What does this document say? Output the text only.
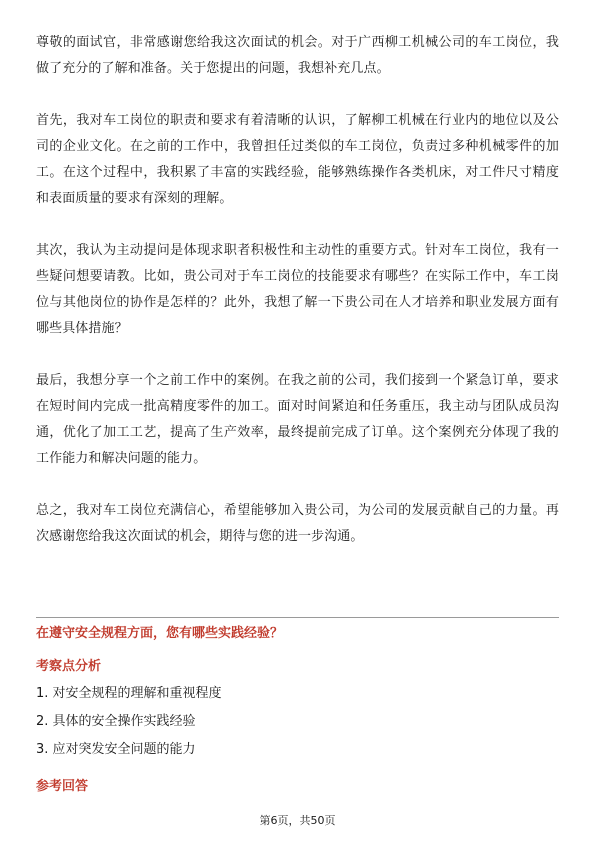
尊敬的面试官，非常感谢您给我这次面试的机会。对于广西柳工机械公司的车工岗位，我做了充分的了解和准备。关于您提出的问题，我想补充几点。

首先，我对车工岗位的职责和要求有着清晰的认识，了解柳工机械在行业内的地位以及公司的企业文化。在之前的工作中，我曾担任过类似的车工岗位，负责过多种机械零件的加工。在这个过程中，我积累了丰富的实践经验，能够熟练操作各类机床，对工件尺寸精度和表面质量的要求有深刻的理解。

其次，我认为主动提问是体现求职者积极性和主动性的重要方式。针对车工岗位，我有一些疑问想要请教。比如，贵公司对于车工岗位的技能要求有哪些？在实际工作中，车工岗位与其他岗位的协作是怎样的？此外，我想了解一下贵公司在人才培养和职业发展方面有哪些具体措施？

最后，我想分享一个之前工作中的案例。在我之前的公司，我们接到一个紧急订单，要求在短时间内完成一批高精度零件的加工。面对时间紧迫和任务重压，我主动与团队成员沟通，优化了加工工艺，提高了生产效率，最终提前完成了订单。这个案例充分体现了我的工作能力和解决问题的能力。

总之，我对车工岗位充满信心，希望能够加入贵公司，为公司的发展贡献自己的力量。再次感谢您给我这次面试的机会，期待与您的进一步沟通。

在遵守安全规程方面，您有哪些实践经验？
考察点分析
1. 对安全规程的理解和重视程度
2. 具体的安全操作实践经验
3. 应对突发安全问题的能力
参考回答
第6页，共50页
